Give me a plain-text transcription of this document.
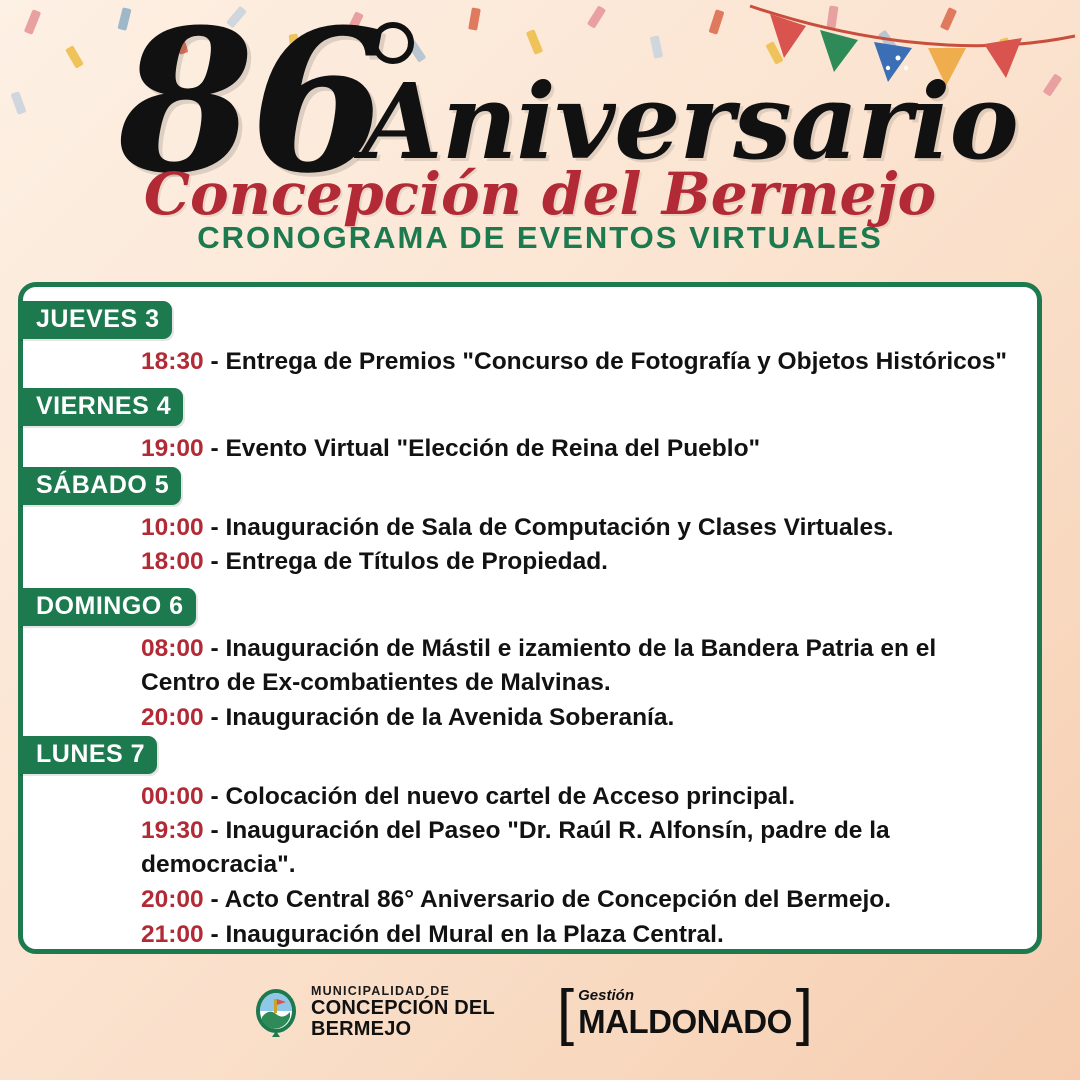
86
Aniversario
Concepción del Bermejo
CRONOGRAMA DE EVENTOS VIRTUALES
JUEVES 3
18:30 - Entrega de Premios "Concurso de Fotografía y Objetos Históricos"
VIERNES 4
19:00 - Evento Virtual "Elección de Reina del Pueblo"
SÁBADO 5
10:00 - Inauguración de Sala de Computación y Clases Virtuales.
18:00 - Entrega de Títulos de Propiedad.
DOMINGO 6
08:00 - Inauguración de Mástil e izamiento de la Bandera Patria en el Centro de Ex-combatientes de Malvinas.
20:00 - Inauguración de la Avenida Soberanía.
LUNES 7
00:00 - Colocación del nuevo cartel de Acceso principal.
19:30 - Inauguración del Paseo "Dr. Raúl R. Alfonsín, padre de la democracia".
20:00 - Acto Central 86° Aniversario de Concepción del Bermejo.
21:00 - Inauguración del Mural en la Plaza Central.
MUNICIPALIDAD DE
CONCEPCIÓN DEL
BERMEJO	[ Gestión
MALDONADO ]
